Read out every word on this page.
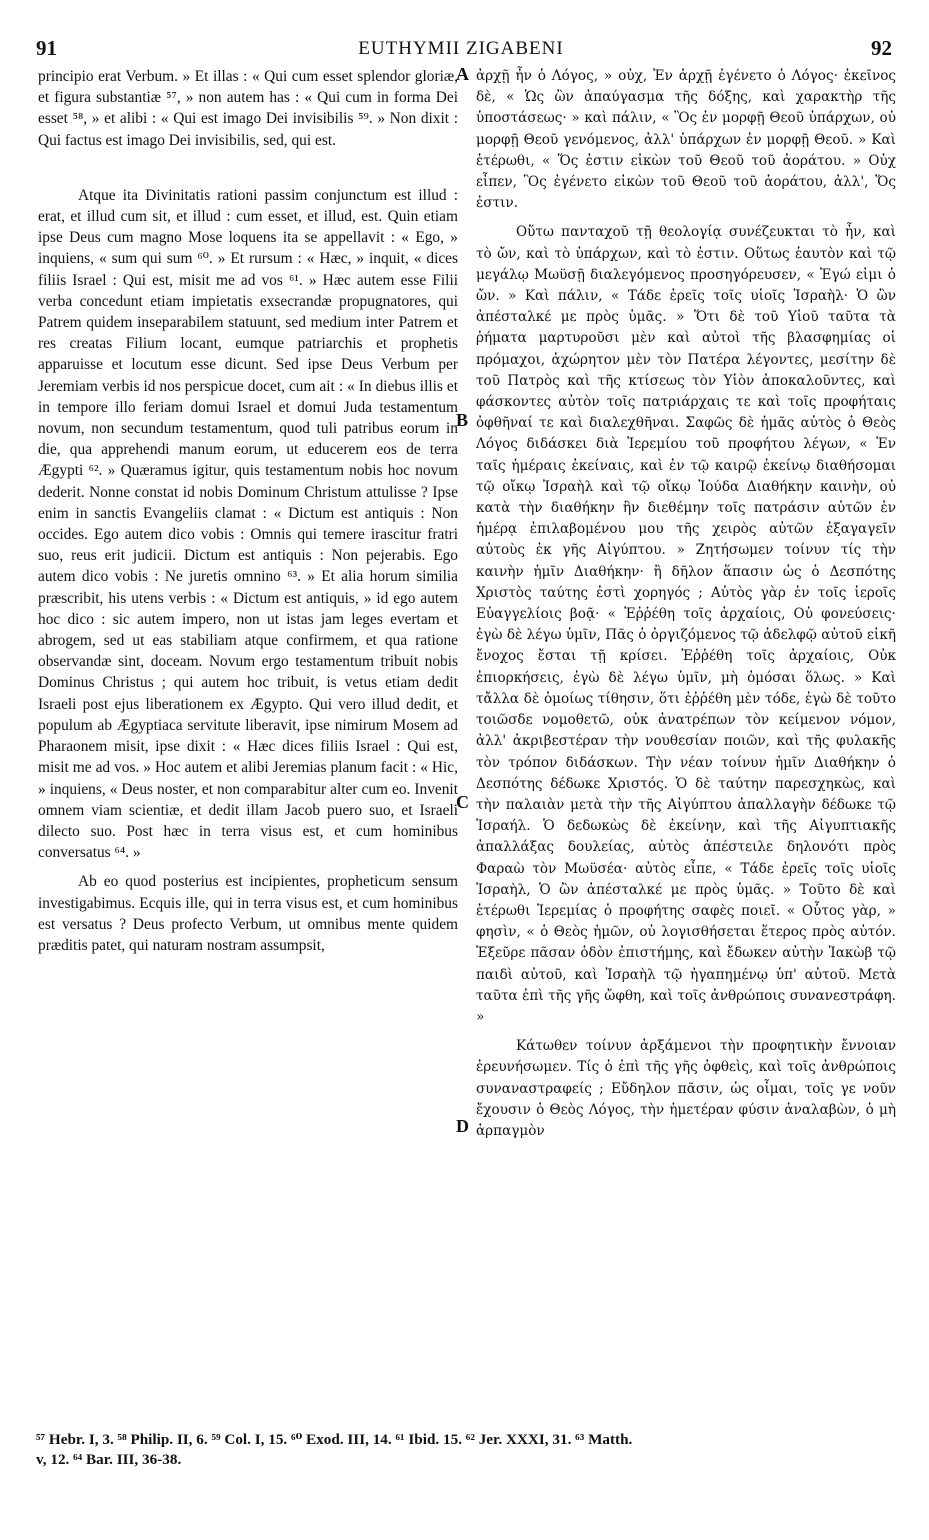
91	EUTHYMII ZIGABENI	92

principio erat Verbum. » Et illas : « Qui cum esset splendor gloriæ, et figura substantiæ ⁵⁷, » non autem has : « Qui cum in forma Dei esset ⁵⁸, » et alibi : « Qui est imago Dei invisibilis ⁵⁹. » Non dixit : Qui factus est imago Dei invisibilis, sed, qui est.

Atque ita Divinitatis rationi passim conjunctum est illud : erat, et illud cum sit, et illud : cum esset, et illud, est. Quin etiam ipse Deus cum magno Mose loquens ita se appellavit : « Ego, » inquiens, « sum qui sum ⁶⁰. » Et rursum : « Hæc, » inquit, « dices filiis Israel : Qui est, misit me ad vos ⁶¹. » Hæc autem esse Filii verba concedunt etiam impietatis exsecrandæ propugnatores, qui Patrem quidem inseparabilem statuunt, sed medium inter Patrem et res creatas Filium locant, eumque patriarchis et prophetis apparuisse et locutum esse dicunt. Sed ipse Deus Verbum per Jeremiam verbis id nos perspicue docet, cum ait : « In diebus illis et in tempore illo feriam domui Israel et domui Juda testamentum novum, non secundum testamentum, quod tuli patribus eorum in die, qua apprehendi manum eorum, ut educerem eos de terra Ægypti ⁶². » Quæramus igitur, quis testamentum nobis hoc novum dederit. Nonne constat id nobis Dominum Christum attulisse ? Ipse enim in sanctis Evangeliis clamat : « Dictum est antiquis : Non occides. Ego autem dico vobis : Omnis qui temere irascitur fratri suo, reus erit judicii. Dictum est antiquis : Non pejerabis. Ego autem dico vobis : Ne juretis omnino ⁶³. » Et alia horum similia præscribit, his utens verbis : « Dictum est antiquis, » id ego autem hoc dico : sic autem impero, non ut istas jam leges evertam et abrogem, sed ut eas stabiliam atque confirmem, et qua ratione observandæ sint, doceam. Novum ergo testamentum tribuit nobis Dominus Christus ; qui autem hoc tribuit, is vetus etiam dedit Israeli post ejus liberationem ex Ægypto. Qui vero illud dedit, et populum ab Ægyptiaca servitute liberavit, ipse nimirum Mosem ad Pharaonem misit, ipse dixit : « Hæc dices filiis Israel : Qui est, misit me ad vos. » Hoc autem et alibi Jeremias planum facit : « Hic, » inquiens, « Deus noster, et non comparabitur alter cum eo. Invenit omnem viam scientiæ, et dedit illam Jacob puero suo, et Israeli dilecto suo. Post hæc in terra visus est, et cum hominibus conversatus ⁶⁴. »

Ab eo quod posterius est incipientes, propheticum sensum investigabimus. Ecquis ille, qui in terra visus est, et cum hominibus est versatus ? Deus profecto Verbum, ut omnibus mente quidem præditis patet, qui naturam nostram assumpsit,

A
B
C
D

ἀρχῇ ἦν ὁ Λόγος, » οὐχ, Ἐν ἀρχῇ ἐγένετο ὁ Λόγος· ἐκεῖνος δὲ, « Ὡς ὢν ἀπαύγασμα τῆς δόξης, καὶ χαρακτὴρ τῆς ὑποστάσεως· » καὶ πάλιν, « Ὃς ἐν μορφῇ Θεοῦ ὑπάρχων, οὐ μορφῇ Θεοῦ γενόμενος, ἀλλ' ὑπάρχων ἐν μορφῇ Θεοῦ. » Καὶ ἑτέρωθι, « Ὅς ἐστιν εἰκὼν τοῦ Θεοῦ τοῦ ἀοράτου. » Οὐχ εἶπεν, Ὃς ἐγένετο εἰκὼν τοῦ Θεοῦ τοῦ ἀοράτου, ἀλλ', Ὅς ἐστιν.

Οὕτω πανταχοῦ τῇ θεολογίᾳ συνέζευκται τὸ ἦν, καὶ τὸ ὤν, καὶ τὸ ὑπάρχων, καὶ τὸ ἐστιν. Οὕτως ἑαυτὸν καὶ τῷ μεγάλῳ Μωϋσῇ διαλεγόμενος προσηγόρευσεν, « Ἐγώ εἰμι ὁ ὤν. » Καὶ πάλιν, « Τάδε ἐρεῖς τοῖς υἱοῖς Ἰσραὴλ· Ὁ ὢν ἀπέσταλκέ με πρὸς ὑμᾶς. » Ὅτι δὲ τοῦ Υἱοῦ ταῦτα τὰ ῥήματα μαρτυροῦσι μὲν καὶ αὐτοὶ τῆς βλασφημίας οἱ πρόμαχοι, ἀχώρητον μὲν τὸν Πατέρα λέγοντες, μεσίτην δὲ τοῦ Πατρὸς καὶ τῆς κτίσεως τὸν Υἱὸν ἀποκαλοῦντες, καὶ φάσκοντες αὐτὸν τοῖς πατριάρχαις τε καὶ τοῖς προφήταις ὀφθῆναί τε καὶ διαλεχθῆναι. Σαφῶς δὲ ἡμᾶς αὐτὸς ὁ Θεὸς Λόγος διδάσκει διὰ Ἱερεμίου τοῦ προφήτου λέγων, « Ἐν ταῖς ἡμέραις ἐκείναις, καὶ ἐν τῷ καιρῷ ἐκείνῳ διαθήσομαι τῷ οἴκῳ Ἰσραὴλ καὶ τῷ οἴκῳ Ἰούδα Διαθήκην καινὴν, οὐ κατὰ τὴν διαθήκην ἣν διεθέμην τοῖς πατράσιν αὐτῶν ἐν ἡμέρᾳ ἐπιλαβομένου μου τῆς χειρὸς αὐτῶν ἐξαγαγεῖν αὐτοὺς ἐκ γῆς Αἰγύπτου. » Ζητήσωμεν τοίνυν τίς τὴν καινὴν ἡμῖν Διαθήκην· ἢ δῆλον ἅπασιν ὡς ὁ Δεσπότης Χριστὸς ταύτης ἐστὶ χορηγός ; Αὐτὸς γὰρ ἐν τοῖς ἱεροῖς Εὐαγγελίοις βοᾷ· « Ἐῤῥέθη τοῖς ἀρχαίοις, Οὐ φονεύσεις· ἐγὼ δὲ λέγω ὑμῖν, Πᾶς ὁ ὀργιζόμενος τῷ ἀδελφῷ αὐτοῦ εἰκῆ ἔνοχος ἔσται τῇ κρίσει. Ἐῤῥέθη τοῖς ἀρχαίοις, Οὐκ ἐπιορκήσεις, ἐγὼ δὲ λέγω ὑμῖν, μὴ ὀμόσαι ὅλως. » Καὶ τἄλλα δὲ ὁμοίως τίθησιν, ὅτι ἐῤῥέθη μὲν τόδε, ἐγὼ δὲ τοῦτο τοιῶσδε νομοθετῶ, οὐκ ἀνατρέπων τὸν κείμενον νόμον, ἀλλ' ἀκριβεστέραν τὴν νουθεσίαν ποιῶν, καὶ τῆς φυλακῆς τὸν τρόπον διδάσκων. Τὴν νέαν τοίνυν ἡμῖν Διαθήκην ὁ Δεσπότης δέδωκε Χριστός. Ὁ δὲ ταύτην παρεσχηκὼς, καὶ τὴν παλαιὰν μετὰ τὴν τῆς Αἰγύπτου ἀπαλλαγὴν δέδωκε τῷ Ἰσραήλ. Ὁ δεδωκὼς δὲ ἐκείνην, καὶ τῆς Αἰγυπτιακῆς ἀπαλλάξας δουλείας, αὐτὸς ἀπέστειλε δηλονότι πρὸς Φαραὼ τὸν Μωϋσέα· αὐτὸς εἶπε, « Τάδε ἐρεῖς τοῖς υἱοῖς Ἰσραὴλ, Ὁ ὢν ἀπέσταλκέ με πρὸς ὑμᾶς. » Τοῦτο δὲ καὶ ἑτέρωθι Ἱερεμίας ὁ προφήτης σαφὲς ποιεῖ. « Οὗτος γὰρ, » φησὶν, « ὁ Θεὸς ἡμῶν, οὐ λογισθήσεται ἕτερος πρὸς αὐτόν. Ἐξεῦρε πᾶσαν ὁδὸν ἐπιστήμης, καὶ ἔδωκεν αὐτὴν Ἰακὼβ τῷ παιδὶ αὐτοῦ, καὶ Ἰσραὴλ τῷ ἠγαπημένῳ ὑπ' αὐτοῦ. Μετὰ ταῦτα ἐπὶ τῆς γῆς ὤφθη, καὶ τοῖς ἀνθρώποις συνανεστράφη. »

Κάτωθεν τοίνυν ἀρξάμενοι τὴν προφητικὴν ἔννοιαν ἐρευνήσωμεν. Τίς ὁ ἐπὶ τῆς γῆς ὀφθεὶς, καὶ τοῖς ἀνθρώποις συναναστραφείς ; Εὔδηλον πᾶσιν, ὡς οἶμαι, τοῖς γε νοῦν ἔχουσιν ὁ Θεὸς Λόγος, τὴν ἡμετέραν φύσιν ἀναλαβὼν, ὁ μὴ ἁρπαγμὸν

⁵⁷ Hebr. I, 3. ⁵⁸ Philip. II, 6. ⁵⁹ Col. I, 15. ⁶⁰ Exod. III, 14. ⁶¹ Ibid. 15. ⁶² Jer. XXXI, 31. ⁶³ Matth.

v, 12. ⁶⁴ Bar. III, 36-38.
